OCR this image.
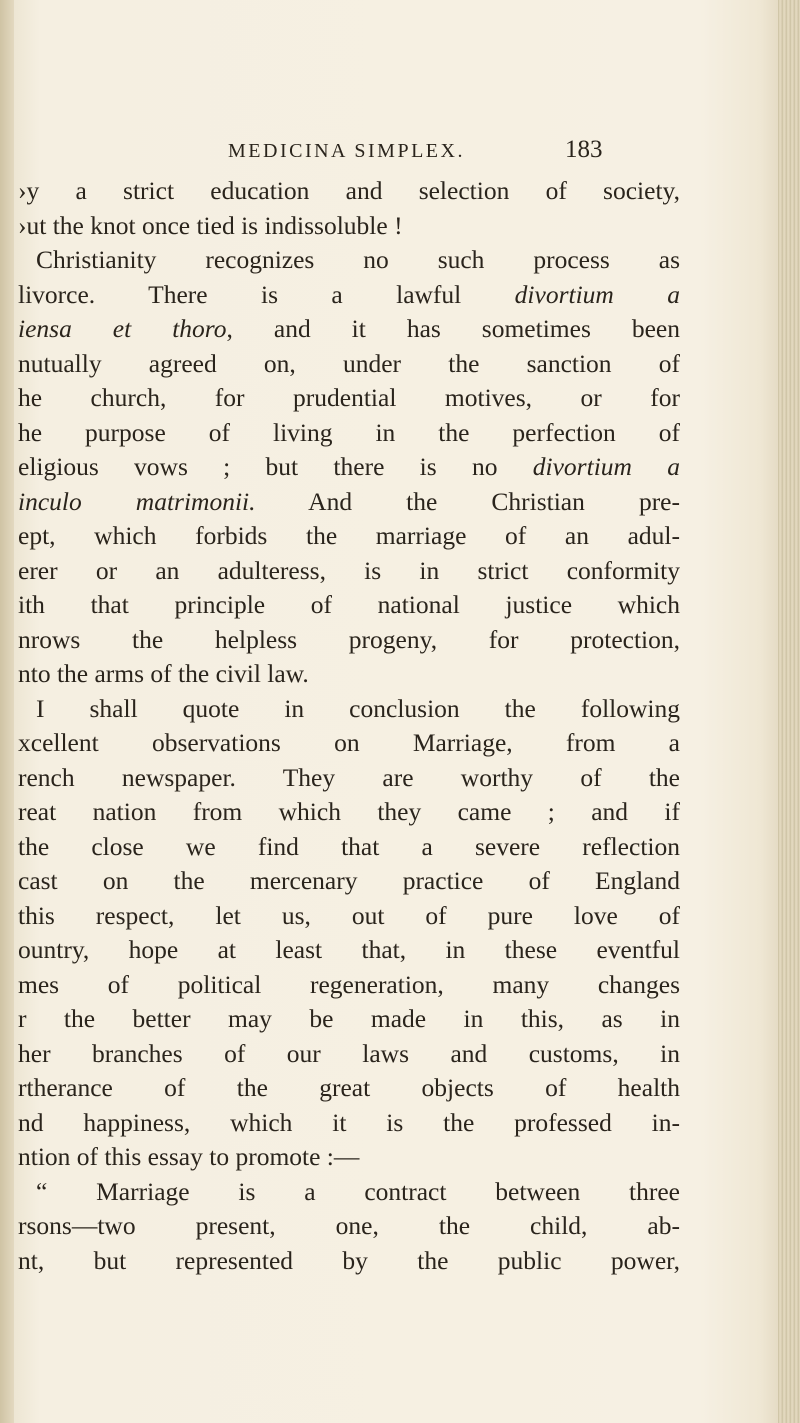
MEDICINA SIMPLEX.	183
›y a strict education and selection of society,
›ut the knot once tied is indissoluble !
Christianity recognizes no such process as
livorce. There is a lawful divortium a
iensa et thoro, and it has sometimes been
nutually agreed on, under the sanction of
he church, for prudential motives, or for
he purpose of living in the perfection of
eligious vows ; but there is no divortium a
inculo matrimonii. And the Christian pre-
ept, which forbids the marriage of an adul-
erer or an adulteress, is in strict conformity
ith that principle of national justice which
nrows the helpless progeny, for protection,
nto the arms of the civil law.
I shall quote in conclusion the following
xcellent observations on Marriage, from a
rench newspaper. They are worthy of the
reat nation from which they came ; and if
the close we find that a severe reflection
cast on the mercenary practice of England
this respect, let us, out of pure love of
ountry, hope at least that, in these eventful
mes of political regeneration, many changes
r the better may be made in this, as in
her branches of our laws and customs, in
rtherance of the great objects of health
nd happiness, which it is the professed in-
ntion of this essay to promote :—
“ Marriage is a contract between three
rsons—two present, one, the child, ab-
nt, but represented by the public power,
